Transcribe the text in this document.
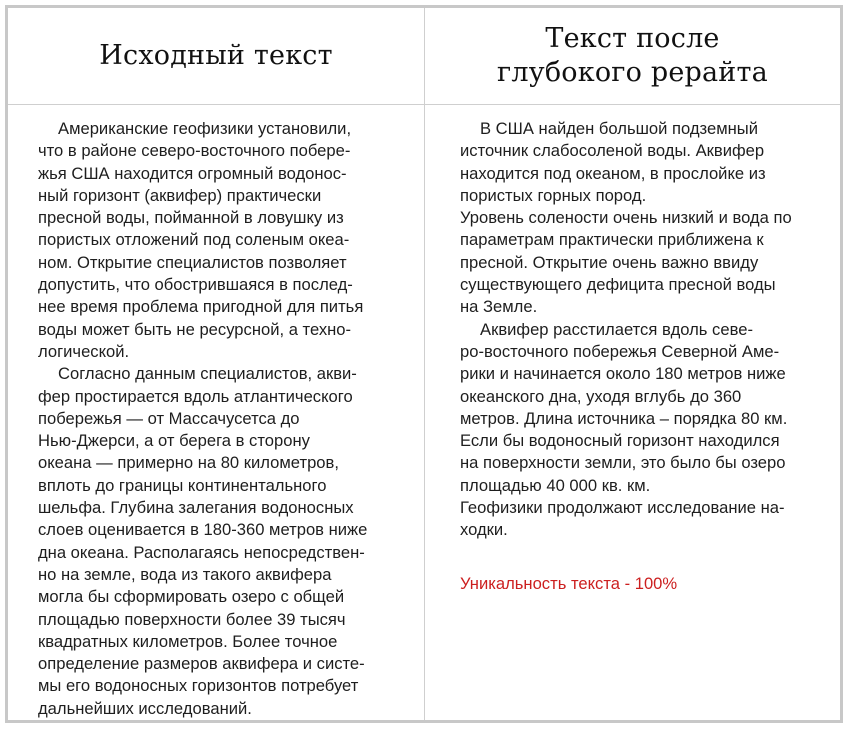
Исходный текст
Текст после
глубокого рерайта
Американские геофизики установили,
что в районе северо-восточного побере-
жья США находится огромный водонос-
ный горизонт (аквифер) практически
пресной воды, пойманной в ловушку из
пористых отложений под соленым океа-
ном. Открытие специалистов позволяет
допустить, что обострившаяся в послед-
нее время проблема пригодной для питья
воды может быть не ресурсной, а техно-
логической.
Согласно данным специалистов, акви-
фер простирается вдоль атлантического
побережья — от Массачусетса до
Нью-Джерси, а от берега в сторону
океана — примерно на 80 километров,
вплоть до границы континентального
шельфа. Глубина залегания водоносных
слоев оценивается в 180-360 метров ниже
дна океана. Располагаясь непосредствен-
но на земле, вода из такого аквифера
могла бы сформировать озеро с общей
площадью поверхности более 39 тысяч
квадратных километров. Более точное
определение размеров аквифера и систе-
мы его водоносных горизонтов потребует
дальнейших исследований.
В США найден большой подземный
источник слабосоленой воды. Аквифер
находится под океаном, в прослойке из
пористых горных пород.
Уровень солености очень низкий и вода по
параметрам практически приближена к
пресной. Открытие очень важно ввиду
существующего дефицита пресной воды
на Земле.
Аквифер расстилается вдоль севе-
ро-восточного побережья Северной Аме-
рики и начинается около 180 метров ниже
океанского дна, уходя вглубь до 360
метров. Длина источника – порядка 80 км.
Если бы водоносный горизонт находился
на поверхности земли, это было бы озеро
площадью 40 000 кв. км.
Геофизики продолжают исследование на-
ходки.
Уникальность текста - 100%
